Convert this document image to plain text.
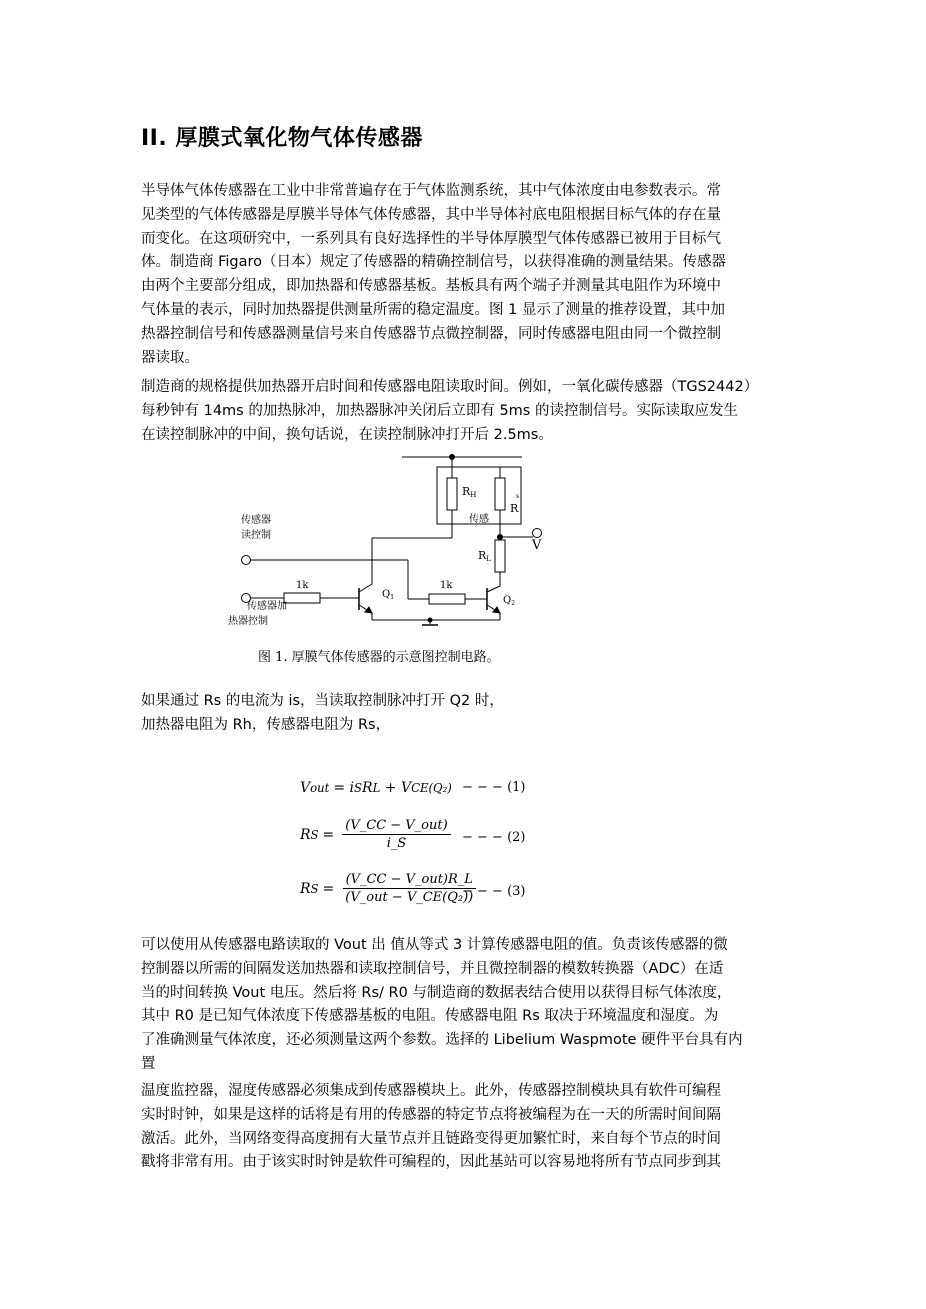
II. 厚膜式氧化物气体传感器
半导体气体传感器在工业中非常普遍存在于气体监测系统，其中气体浓度由电参数表示。常
见类型的气体传感器是厚膜半导体气体传感器，其中半导体衬底电阻根据目标气体的存在量
而变化。在这项研究中，一系列具有良好选择性的半导体厚膜型气体传感器已被用于目标气
体。制造商 Figaro（日本）规定了传感器的精确控制信号，以获得准确的测量结果。传感器
由两个主要部分组成，即加热器和传感器基板。基板具有两个端子并测量其电阻作为环境中
气体量的表示，同时加热器提供测量所需的稳定温度。图 1 显示了测量的推荐设置，其中加
热器控制信号和传感器测量信号来自传感器节点微控制器，同时传感器电阻由同一个微控制
器读取。
制造商的规格提供加热器开启时间和传感器电阻读取时间。例如，一氧化碳传感器（TGS2442）
每秒钟有 14ms 的加热脉冲，加热器脉冲关闭后立即有 5ms 的读控制信号。实际读取应发生
在读控制脉冲的中间，换句话说，在读控制脉冲打开后 2.5ms。
RH	s
R
传感
V
RL
传感器
读控制
1k	1k
$Q_1$	$Q_2$
传感器加
热器控制

图 1. 厚膜气体传感器的示意图控制电路。

如果通过 Rs 的电流为 is，当读取控制脉冲打开 Q2 时，
加热器电阻为 Rh，传感器电阻为 Rs，
V out = i S R L + V CE(Q₂) − − − (1)
R $S = \frac{\text{(V\_CC − V\_out)}}{i\_S}$ − − − (2)
R $S = \frac{\text{(V\_CC − V\_out)R\_L}}{\text{(V\_out − V\_CE(Q₂))}}$
− − − (3)
可以使用从传感器电路读取的 Vout 出 值从等式 3 计算传感器电阻的值。负责该传感器的微
控制器以所需的间隔发送加热器和读取控制信号，并且微控制器的模数转换器（ADC）在适
当的时间转换 Vout 电压。然后将 Rs/ R0 与制造商的数据表结合使用以获得目标气体浓度，
其中 R0 是已知气体浓度下传感器基板的电阻。传感器电阻 Rs 取决于环境温度和湿度。为
了准确测量气体浓度，还必须测量这两个参数。选择的 Libelium Waspmote 硬件平台具有内
置
温度监控器，湿度传感器必须集成到传感器模块上。此外，传感器控制模块具有软件可编程
实时时钟，如果是这样的话将是有用的传感器的特定节点将被编程为在一天的所需时间间隔
激活。此外，当网络变得高度拥有大量节点并且链路变得更加繁忙时，来自每个节点的时间
戳将非常有用。由于该实时时钟是软件可编程的，因此基站可以容易地将所有节点同步到其
